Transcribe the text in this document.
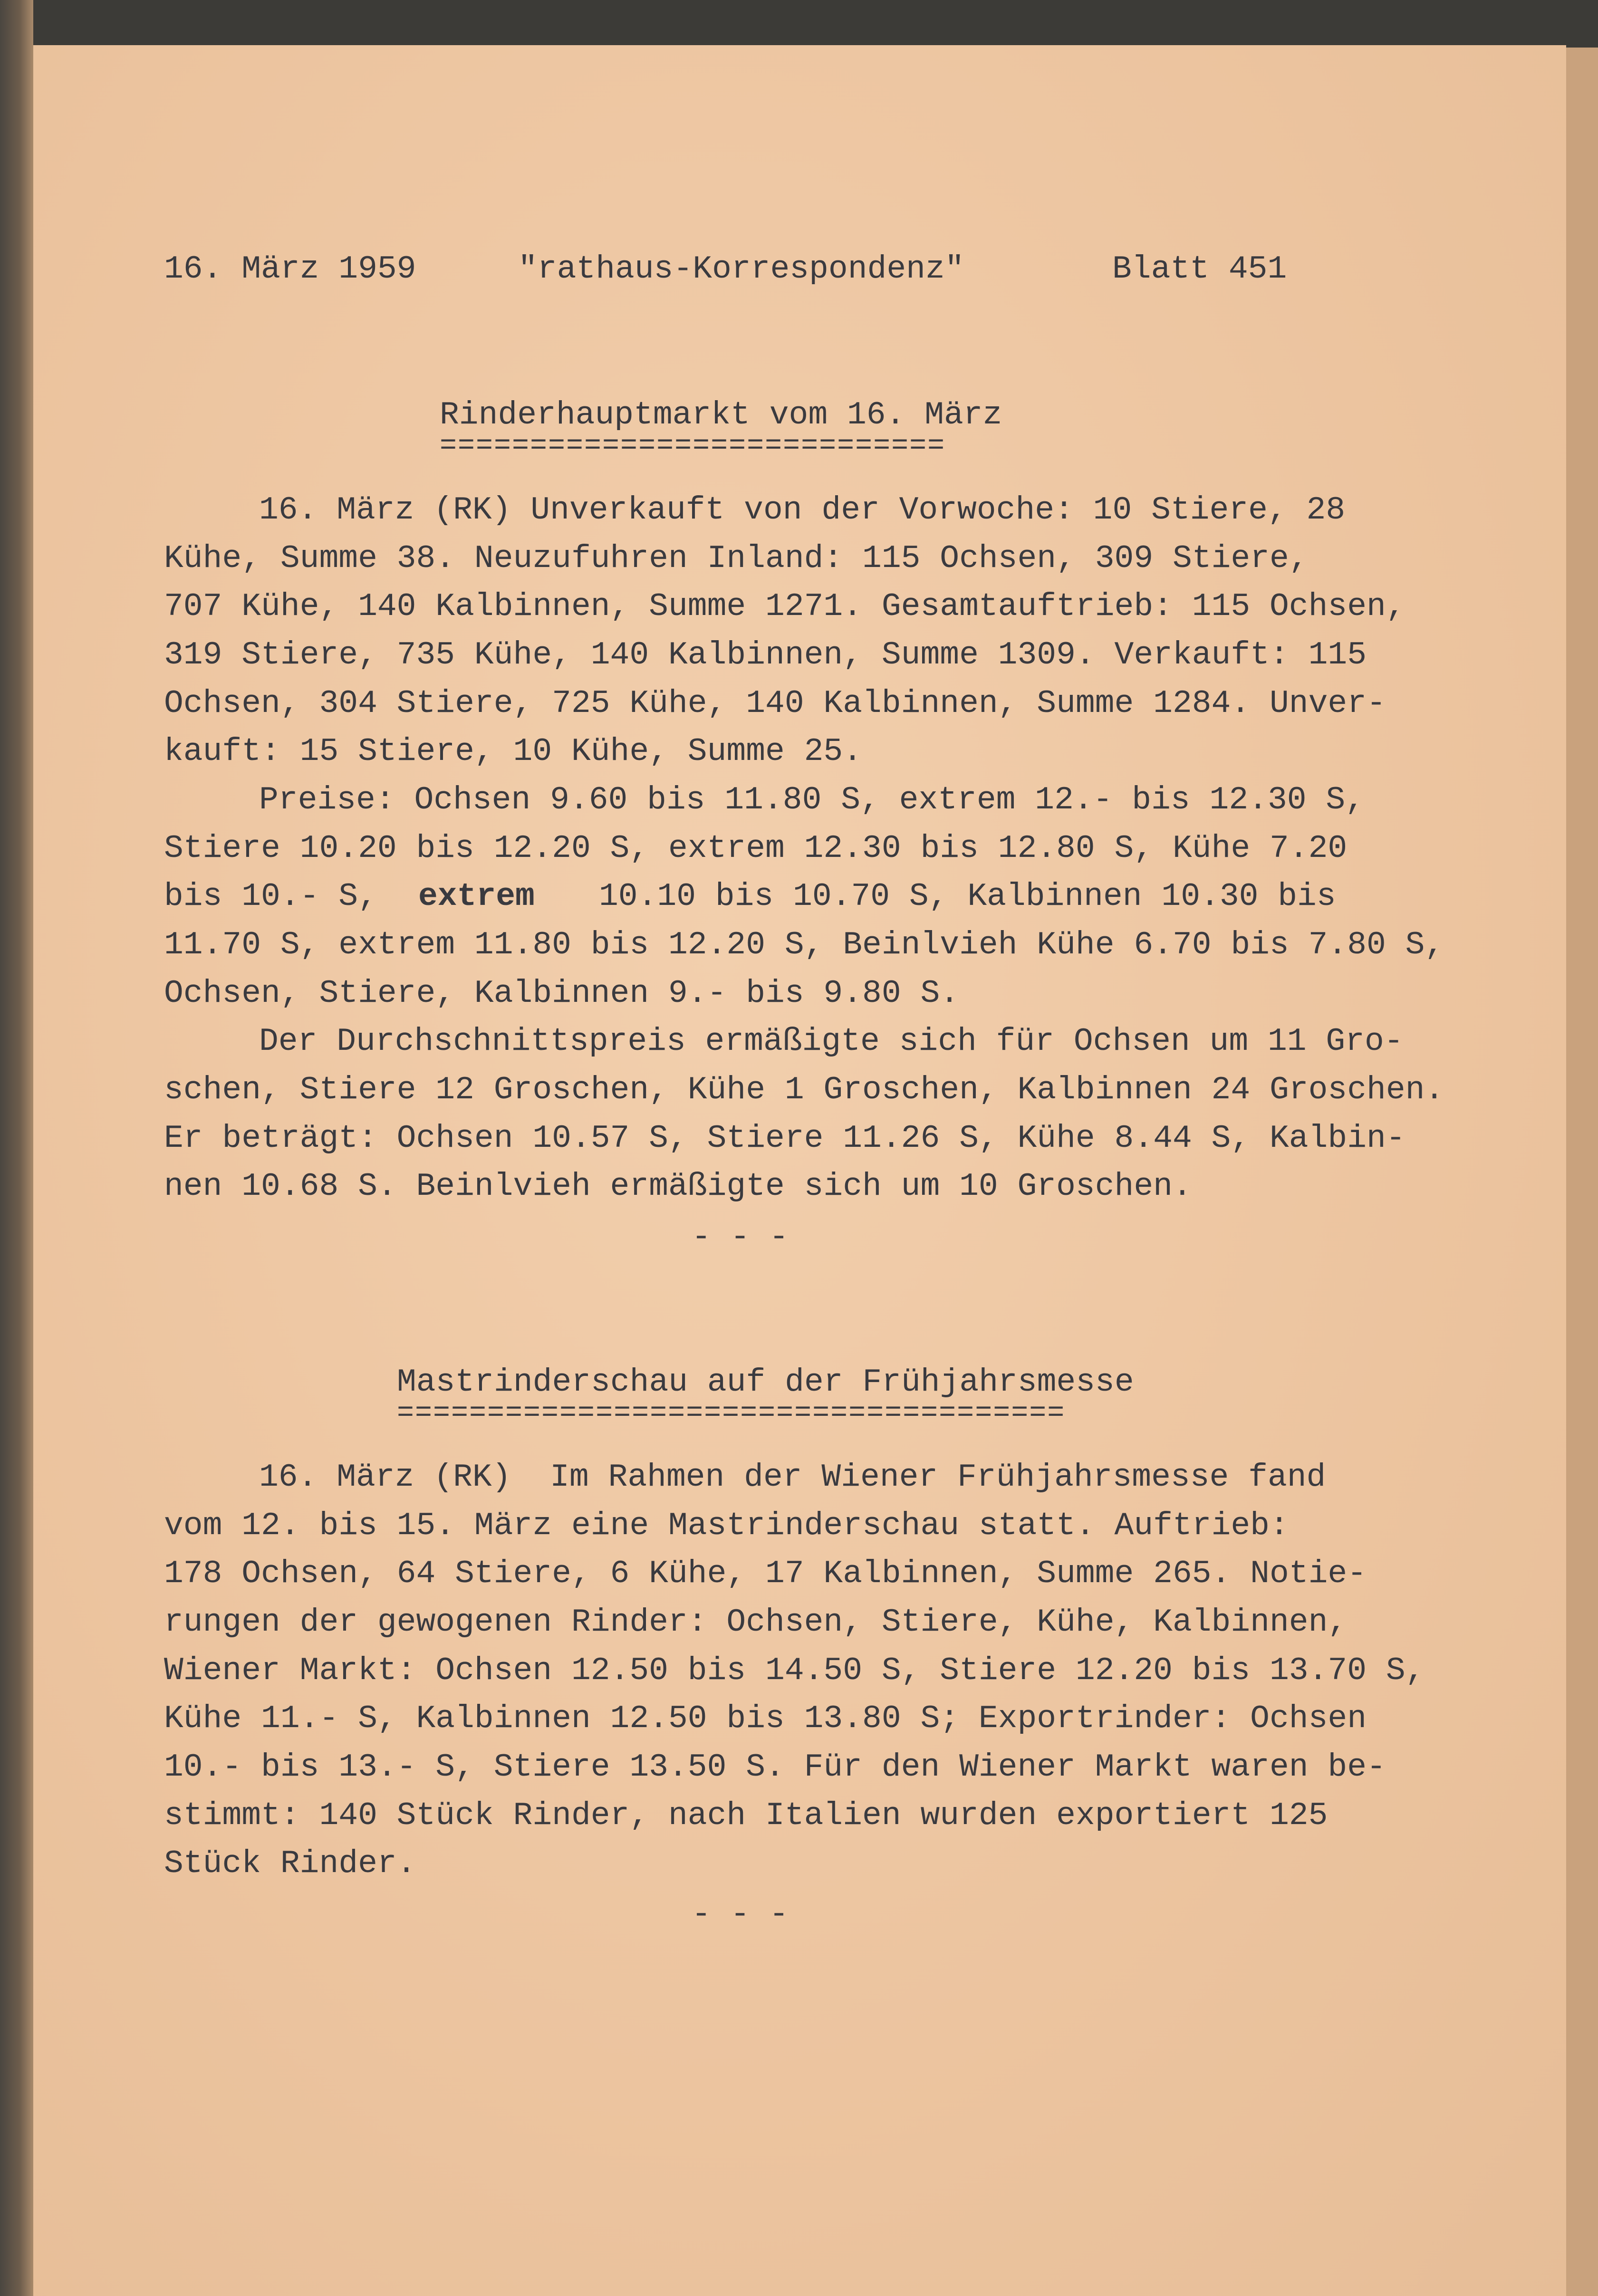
16. März 1959	"rathaus-Korrespondenz"	Blatt 451
Rinderhauptmarkt vom 16. März
============================
16. März (RK) Unverkauft von der Vorwoche: 10 Stiere, 28
Kühe, Summe 38. Neuzufuhren Inland: 115 Ochsen, 309 Stiere,
707 Kühe, 140 Kalbinnen, Summe 1271. Gesamtauftrieb: 115 Ochsen,
319 Stiere, 735 Kühe, 140 Kalbinnen, Summe 1309. Verkauft: 115
Ochsen, 304 Stiere, 725 Kühe, 140 Kalbinnen, Summe 1284. Unver-
kauft: 15 Stiere, 10 Kühe, Summe 25.
Preise: Ochsen 9.60 bis 11.80 S, extrem 12.- bis 12.30 S,
Stiere 10.20 bis 12.20 S, extrem 12.30 bis 12.80 S, Kühe 7.20
bis 10.- S, extrem 10.10 bis 10.70 S, Kalbinnen 10.30 bis
11.70 S, extrem 11.80 bis 12.20 S, Beinlvieh Kühe 6.70 bis 7.80 S,
Ochsen, Stiere, Kalbinnen 9.- bis 9.80 S.
Der Durchschnittspreis ermäßigte sich für Ochsen um 11 Gro-
schen, Stiere 12 Groschen, Kühe 1 Groschen, Kalbinnen 24 Groschen.
Er beträgt: Ochsen 10.57 S, Stiere 11.26 S, Kühe 8.44 S, Kalbin-
nen 10.68 S. Beinlvieh ermäßigte sich um 10 Groschen.
- - -
Mastrinderschau auf der Frühjahrsmesse
=====================================
16. März (RK)  Im Rahmen der Wiener Frühjahrsmesse fand
vom 12. bis 15. März eine Mastrinderschau statt. Auftrieb:
178 Ochsen, 64 Stiere, 6 Kühe, 17 Kalbinnen, Summe 265. Notie-
rungen der gewogenen Rinder: Ochsen, Stiere, Kühe, Kalbinnen,
Wiener Markt: Ochsen 12.50 bis 14.50 S, Stiere 12.20 bis 13.70 S,
Kühe 11.- S, Kalbinnen 12.50 bis 13.80 S; Exportrinder: Ochsen
10.- bis 13.- S, Stiere 13.50 S. Für den Wiener Markt waren be-
stimmt: 140 Stück Rinder, nach Italien wurden exportiert 125
Stück Rinder.
- - -
